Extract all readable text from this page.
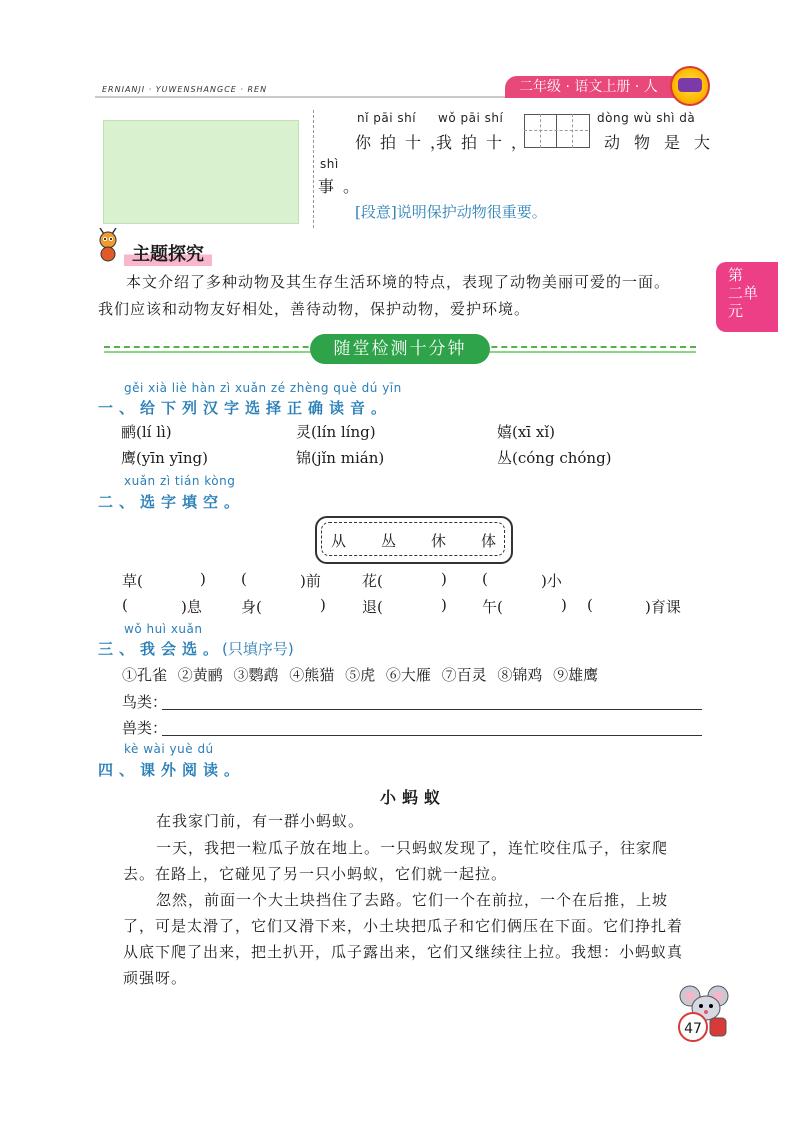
ERNIANJI · YUWENSHANGCE · REN	二年级 · 语文上册 · 人
第
二单
元
nǐ pāi shí wǒ pāi shí	dòng wù shì dà
你拍十，
我拍十，	动物是大
shì
事。
[段意]说明保护动物很重要。
主题探究
本文介绍了多种动物及其生存生活环境的特点，表现了动物美丽可爱的一面。
我们应该和动物友好相处，善待动物，保护动物，爱护环境。
随堂检测十分钟
gěi xià liè hàn zì xuǎn zé zhèng què dú yīn
一、给下列汉字选择正确读音。
鹂(lí lì)	灵(lín líng)	嬉(xī xǐ)
鹰(yīn yīng)	锦(jǐn mián)	丛(cóng chóng)
xuǎn zì tián kòng
二、选字填空。
从 丛 休 体
草(	) (	)前	花(	) (	)小
(	)息	身(	) 退(	) 午(	) (	)育课
wǒ huì xuǎn
三、我会选。
(只填序号)
①孔雀 ②黄鹂 ③鹦鹉 ④熊猫 ⑤虎 ⑥大雁 ⑦百灵 ⑧锦鸡 ⑨雄鹰
鸟类：
兽类：
kè wài yuè dú
四、课外阅读。
小蚂蚁
在我家门前，有一群小蚂蚁。
一天，我把一粒瓜子放在地上。一只蚂蚁发现了，连忙咬住瓜子，往家爬
去。在路上，它碰见了另一只小蚂蚁，它们就一起拉。
忽然，前面一个大土块挡住了去路。它们一个在前拉，一个在后推，上坡
了，可是太滑了，它们又滑下来，小土块把瓜子和它们俩压在下面。它们挣扎着
从底下爬了出来，把土扒开，瓜子露出来，它们又继续往上拉。我想：小蚂蚁真
顽强呀。
47
